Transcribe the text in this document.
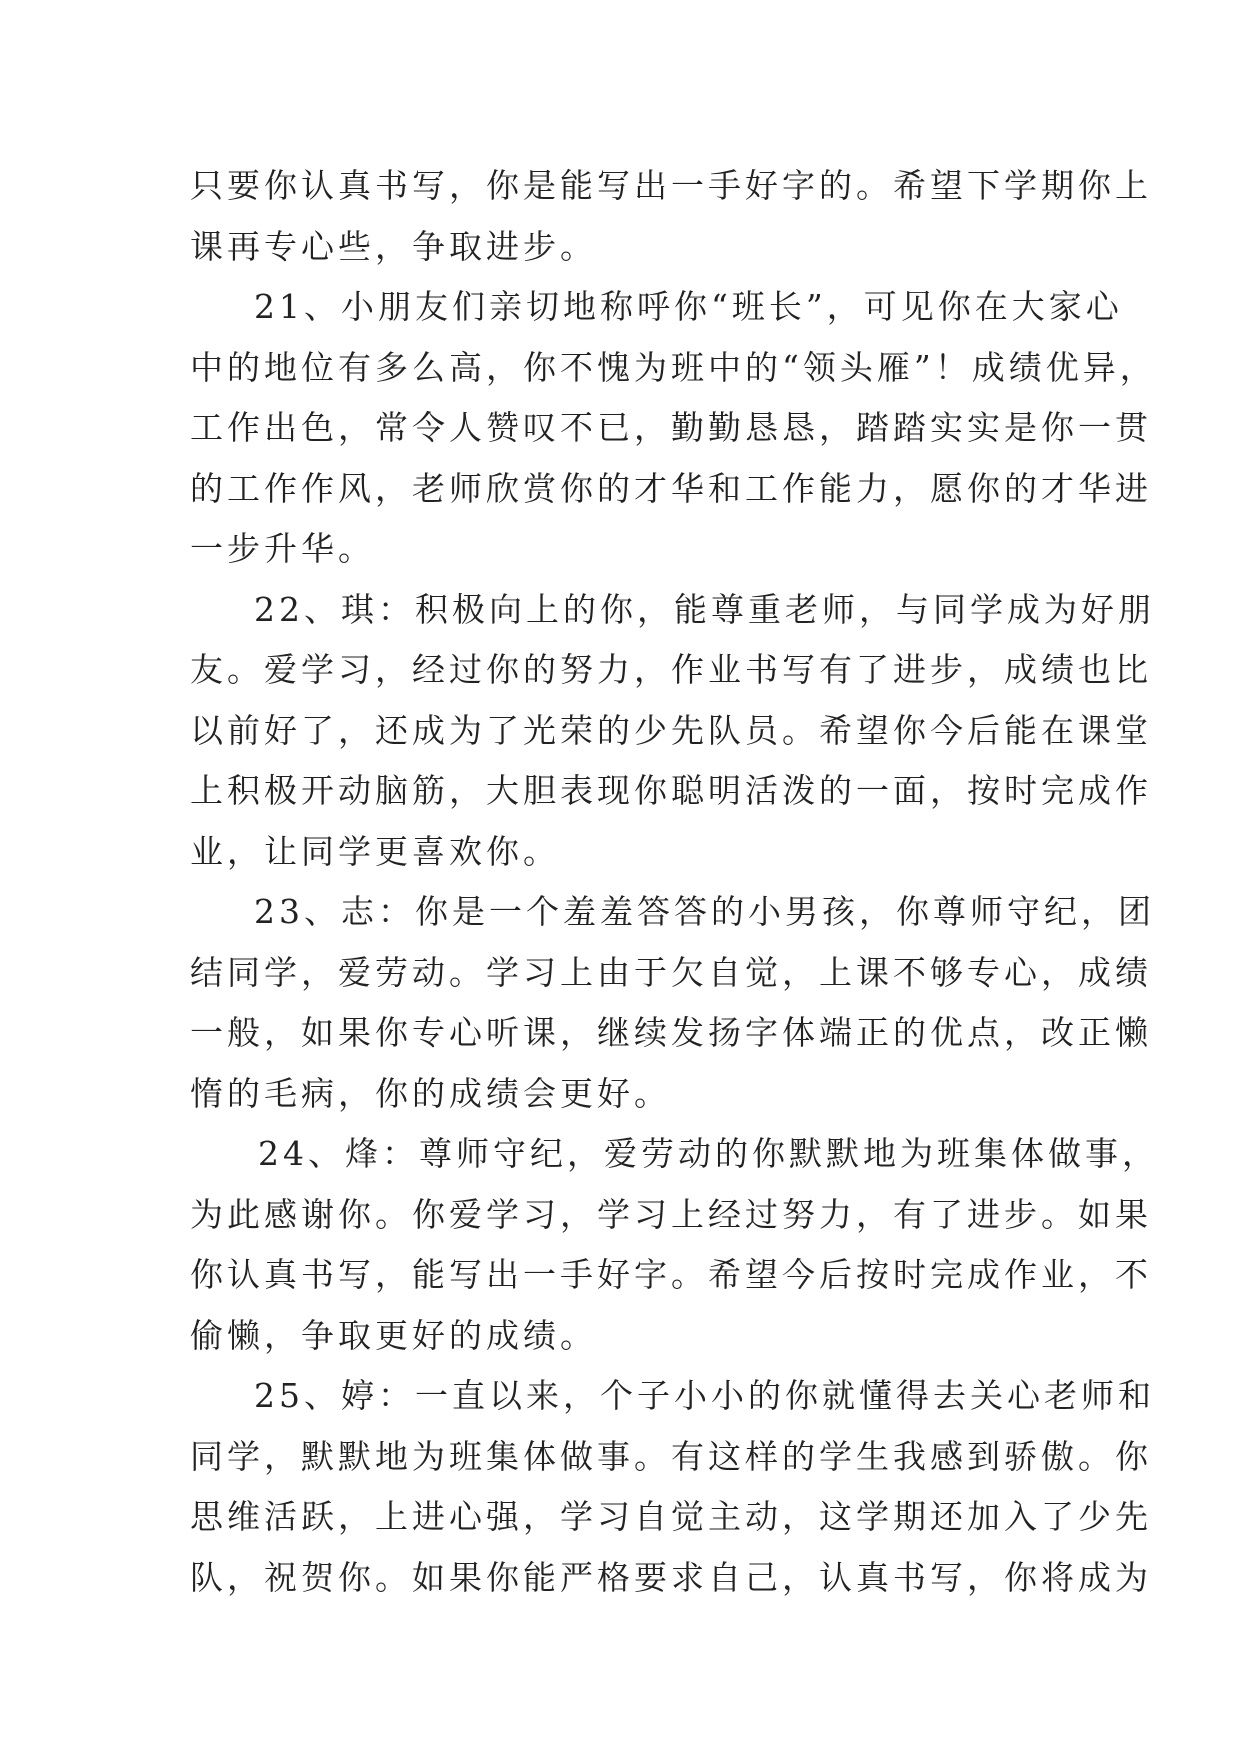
只要你认真书写，你是能写出一手好字的。希望下学期你上
课再专心些，争取进步。
21、小朋友们亲切地称呼你“班长”，可见你在大家心
中的地位有多么高，你不愧为班中的“领头雁”！成绩优异，
工作出色，常令人赞叹不已，勤勤恳恳，踏踏实实是你一贯
的工作作风，老师欣赏你的才华和工作能力，愿你的才华进
一步升华。
22、琪：积极向上的你，能尊重老师，与同学成为好朋
友。爱学习，经过你的努力，作业书写有了进步，成绩也比
以前好了，还成为了光荣的少先队员。希望你今后能在课堂
上积极开动脑筋，大胆表现你聪明活泼的一面，按时完成作
业，让同学更喜欢你。
23、志：你是一个羞羞答答的小男孩，你尊师守纪，团
结同学，爱劳动。学习上由于欠自觉，上课不够专心，成绩
一般，如果你专心听课，继续发扬字体端正的优点，改正懒
惰的毛病，你的成绩会更好。
24、烽：尊师守纪，爱劳动的你默默地为班集体做事，
为此感谢你。你爱学习，学习上经过努力，有了进步。如果
你认真书写，能写出一手好字。希望今后按时完成作业，不
偷懒，争取更好的成绩。
25、婷：一直以来，个子小小的你就懂得去关心老师和
同学，默默地为班集体做事。有这样的学生我感到骄傲。你
思维活跃，上进心强，学习自觉主动，这学期还加入了少先
队，祝贺你。如果你能严格要求自己，认真书写，你将成为
